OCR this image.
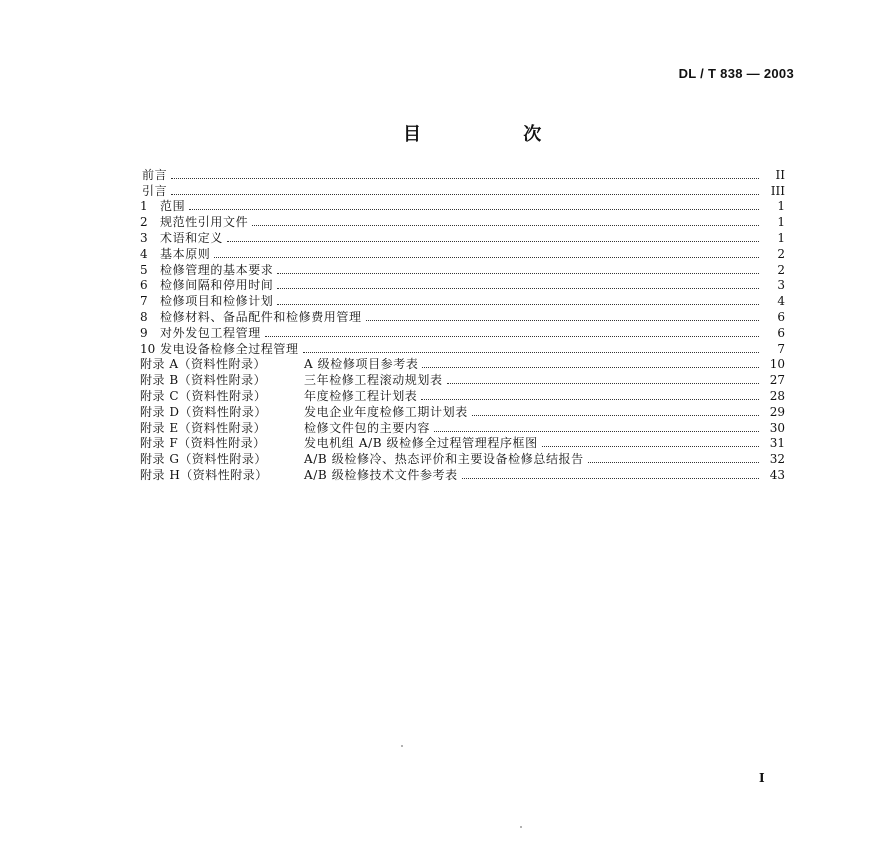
DL / T 838 — 2003
目 次
前言	II
引言	III
1	范围	1
2	规范性引用文件	1
3	术语和定义	1
4	基本原则	2
5	检修管理的基本要求	2
6	检修间隔和停用时间	3
7	检修项目和检修计划	4
8	检修材料、备品配件和检修费用管理	6
9	对外发包工程管理	6
10 发电设备检修全过程管理	7
附录 A（资料性附录）	A 级检修项目参考表	10
附录 B（资料性附录）	三年检修工程滚动规划表	27
附录 C（资料性附录）	年度检修工程计划表	28
附录 D（资料性附录）	发电企业年度检修工期计划表	29
附录 E（资料性附录）	检修文件包的主要内容	30
附录 F（资料性附录）	发电机组 A/B 级检修全过程管理程序框图	31
附录 G（资料性附录）	A/B 级检修冷、热态评价和主要设备检修总结报告	32
附录 H（资料性附录）	A/B 级检修技术文件参考表	43
I
